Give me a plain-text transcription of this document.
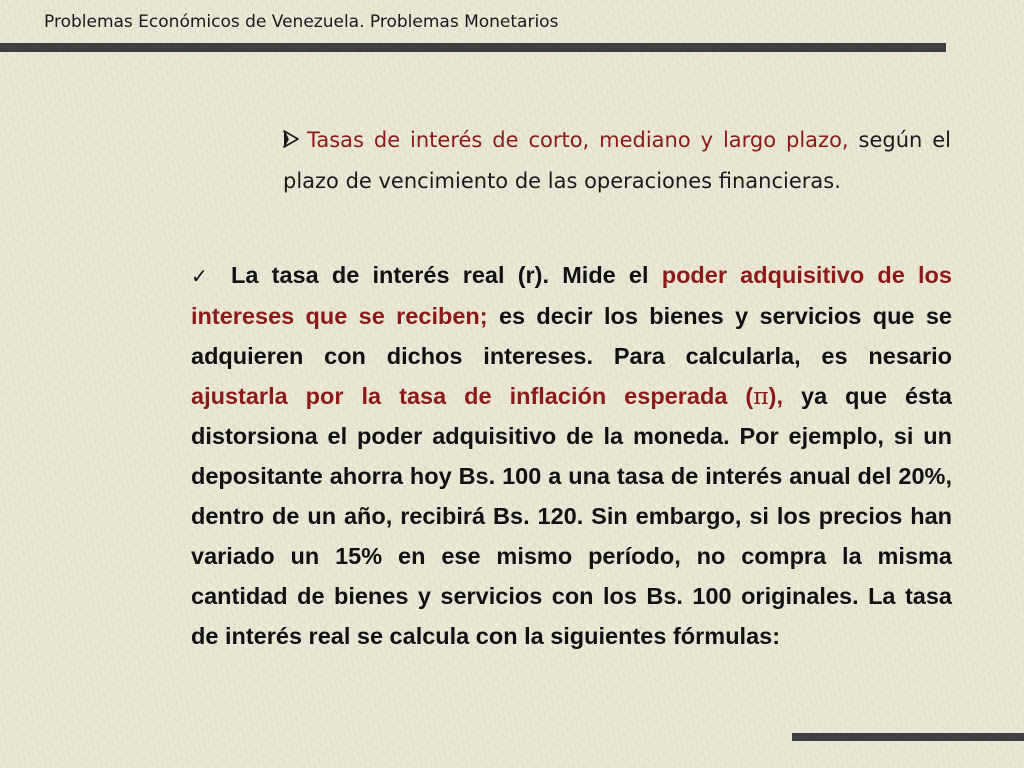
Problemas Económicos de Venezuela. Problemas Monetarios
Tasas de interés de corto, mediano y largo plazo, según el plazo de vencimiento de las operaciones financieras.
✓ La tasa de interés real (r). Mide el poder adquisitivo de los intereses que se reciben; es decir los bienes y servicios que se adquieren con dichos intereses. Para calcularla, es nesario ajustarla por la tasa de inflación esperada (π), ya que ésta distorsiona el poder adquisitivo de la moneda. Por ejemplo, si un depositante ahorra hoy Bs. 100 a una tasa de interés anual del 20%, dentro de un año, recibirá Bs. 120. Sin embargo, si los precios han variado un 15% en ese mismo período, no compra la misma cantidad de bienes y servicios con los Bs. 100 originales. La tasa de interés real se calcula con la siguientes fórmulas:
